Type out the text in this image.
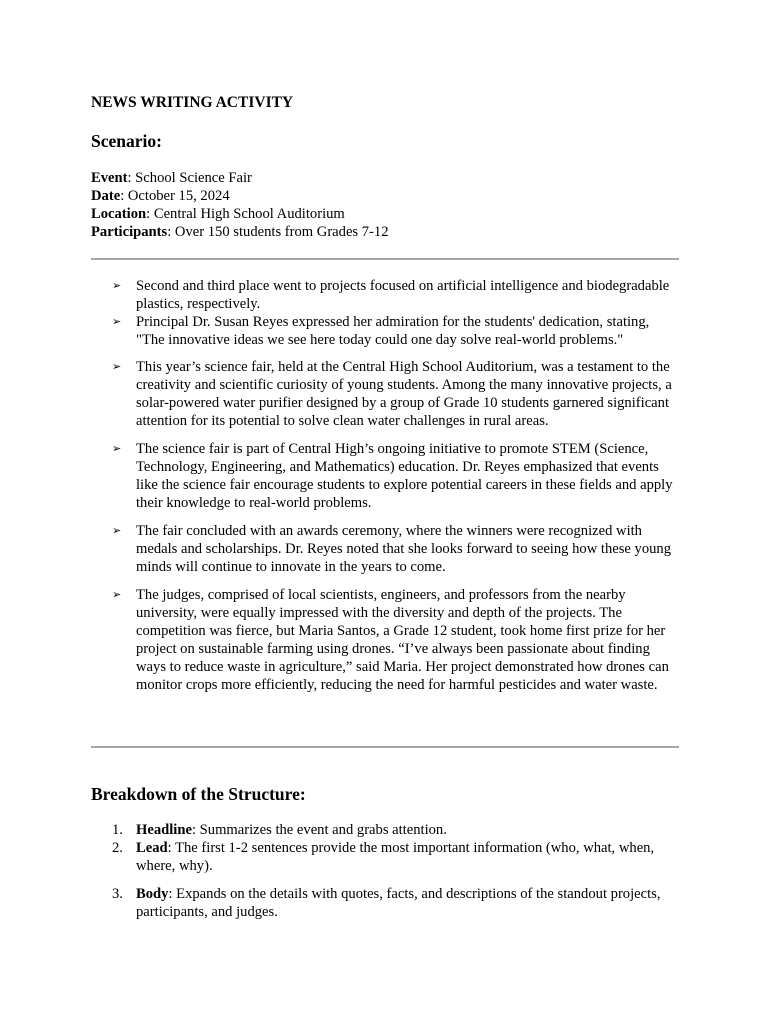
NEWS WRITING ACTIVITY
Scenario:
Event: School Science Fair
Date: October 15, 2024
Location: Central High School Auditorium
Participants: Over 150 students from Grades 7-12
➢ Second and third place went to projects focused on artificial intelligence and biodegradable plastics, respectively.
➢ Principal Dr. Susan Reyes expressed her admiration for the students' dedication, stating, "The innovative ideas we see here today could one day solve real-world problems."
➢ This year’s science fair, held at the Central High School Auditorium, was a testament to the creativity and scientific curiosity of young students. Among the many innovative projects, a solar-powered water purifier designed by a group of Grade 10 students garnered significant attention for its potential to solve clean water challenges in rural areas.
➢ The science fair is part of Central High’s ongoing initiative to promote STEM (Science, Technology, Engineering, and Mathematics) education. Dr. Reyes emphasized that events like the science fair encourage students to explore potential careers in these fields and apply their knowledge to real-world problems.
➢ The fair concluded with an awards ceremony, where the winners were recognized with medals and scholarships. Dr. Reyes noted that she looks forward to seeing how these young minds will continue to innovate in the years to come.
➢ The judges, comprised of local scientists, engineers, and professors from the nearby university, were equally impressed with the diversity and depth of the projects. The competition was fierce, but Maria Santos, a Grade 12 student, took home first prize for her project on sustainable farming using drones. “I’ve always been passionate about finding ways to reduce waste in agriculture,” said Maria. Her project demonstrated how drones can monitor crops more efficiently, reducing the need for harmful pesticides and water waste.
Breakdown of the Structure:
1. Headline: Summarizes the event and grabs attention.
2. Lead: The first 1-2 sentences provide the most important information (who, what, when, where, why).
3. Body: Expands on the details with quotes, facts, and descriptions of the standout projects, participants, and judges.
